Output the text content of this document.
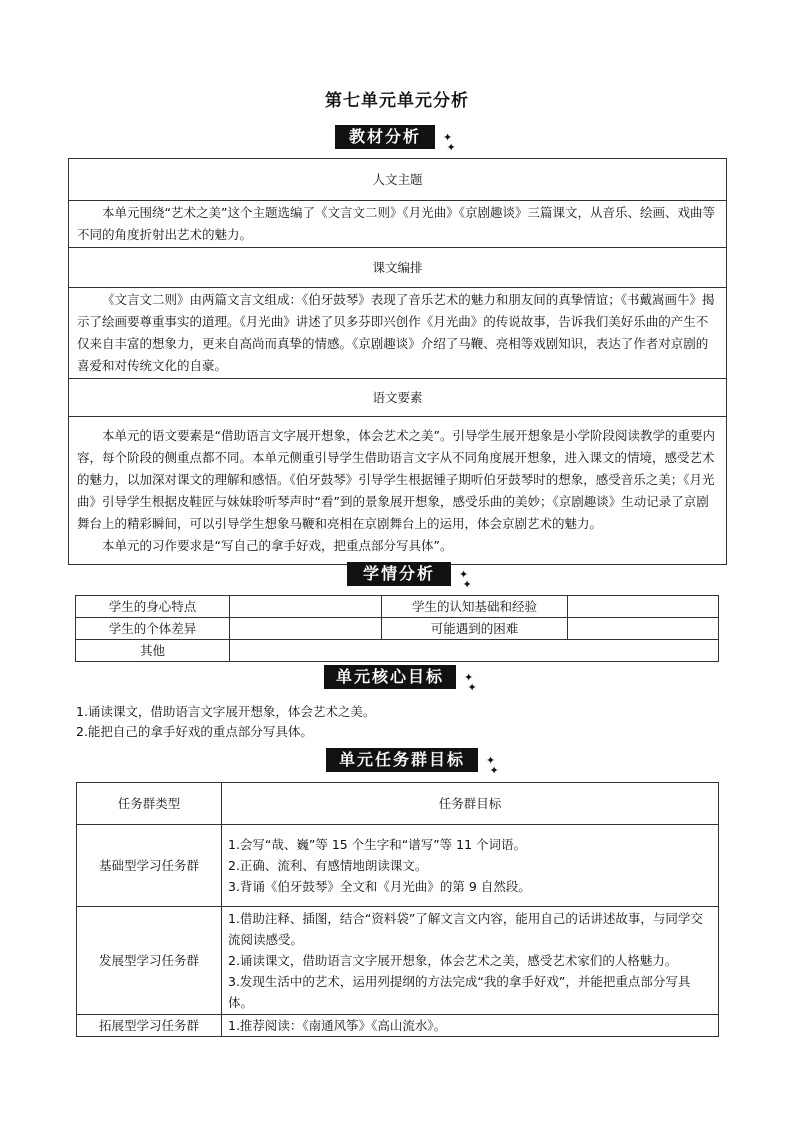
第七单元单元分析
教材分析	✦
✦
人文主题
本单元围绕“艺术之美”这个主题选编了《文言文二则》《月光曲》《京剧趣谈》三篇课文，从音乐、绘画、戏曲等不同的角度折射出艺术的魅力。
课文编排
《文言文二则》由两篇文言文组成：《伯牙鼓琴》表现了音乐艺术的魅力和朋友间的真挚情谊；《书戴嵩画牛》揭示了绘画要尊重事实的道理。《月光曲》讲述了贝多芬即兴创作《月光曲》的传说故事，告诉我们美好乐曲的产生不仅来自丰富的想象力，更来自高尚而真挚的情感。《京剧趣谈》介绍了马鞭、亮相等戏剧知识，表达了作者对京剧的喜爱和对传统文化的自豪。
语文要素

本单元的语文要素是“借助语言文字展开想象，体会艺术之美”。引导学生展开想象是小学阶段阅读教学的重要内容，每个阶段的侧重点都不同。本单元侧重引导学生借助语言文字从不同角度展开想象，进入课文的情境，感受艺术的魅力，以加深对课文的理解和感悟。《伯牙鼓琴》引导学生根据锺子期听伯牙鼓琴时的想象，感受音乐之美；《月光曲》引导学生根据皮鞋匠与妹妹聆听琴声时“看”到的景象展开想象，感受乐曲的美妙；《京剧趣谈》生动记录了京剧舞台上的精彩瞬间，可以引导学生想象马鞭和亮相在京剧舞台上的运用，体会京剧艺术的魅力。
本单元的习作要求是“写自己的拿手好戏，把重点部分写具体”。
学情分析	✦
✦
学生的身心特点		学生的认知基础和经验	
学生的个体差异		可能遇到的困难	
其他			
单元核心目标	✦
✦
1.诵读课文，借助语言文字展开想象，体会艺术之美。
2.能把自己的拿手好戏的重点部分写具体。
单元任务群目标	✦
✦
任务群类型	任务群目标
基础型学习任务群	1.会写“哉、巍”等 15 个生字和“谱写”等 11 个词语。
2.正确、流利、有感情地朗读课文。
3.背诵《伯牙鼓琴》全文和《月光曲》的第 9 自然段。

发展型学习任务群	1.借助注释、插图，结合“资料袋”了解文言文内容，能用自己的话讲述故事，与同学交流阅读感受。
2.诵读课文，借助语言文字展开想象，体会艺术之美，感受艺术家们的人格魅力。
3.发现生活中的艺术，运用列提纲的方法完成“我的拿手好戏”，并能把重点部分写具体。

拓展型学习任务群	1.推荐阅读：《南通风筝》《高山流水》。
